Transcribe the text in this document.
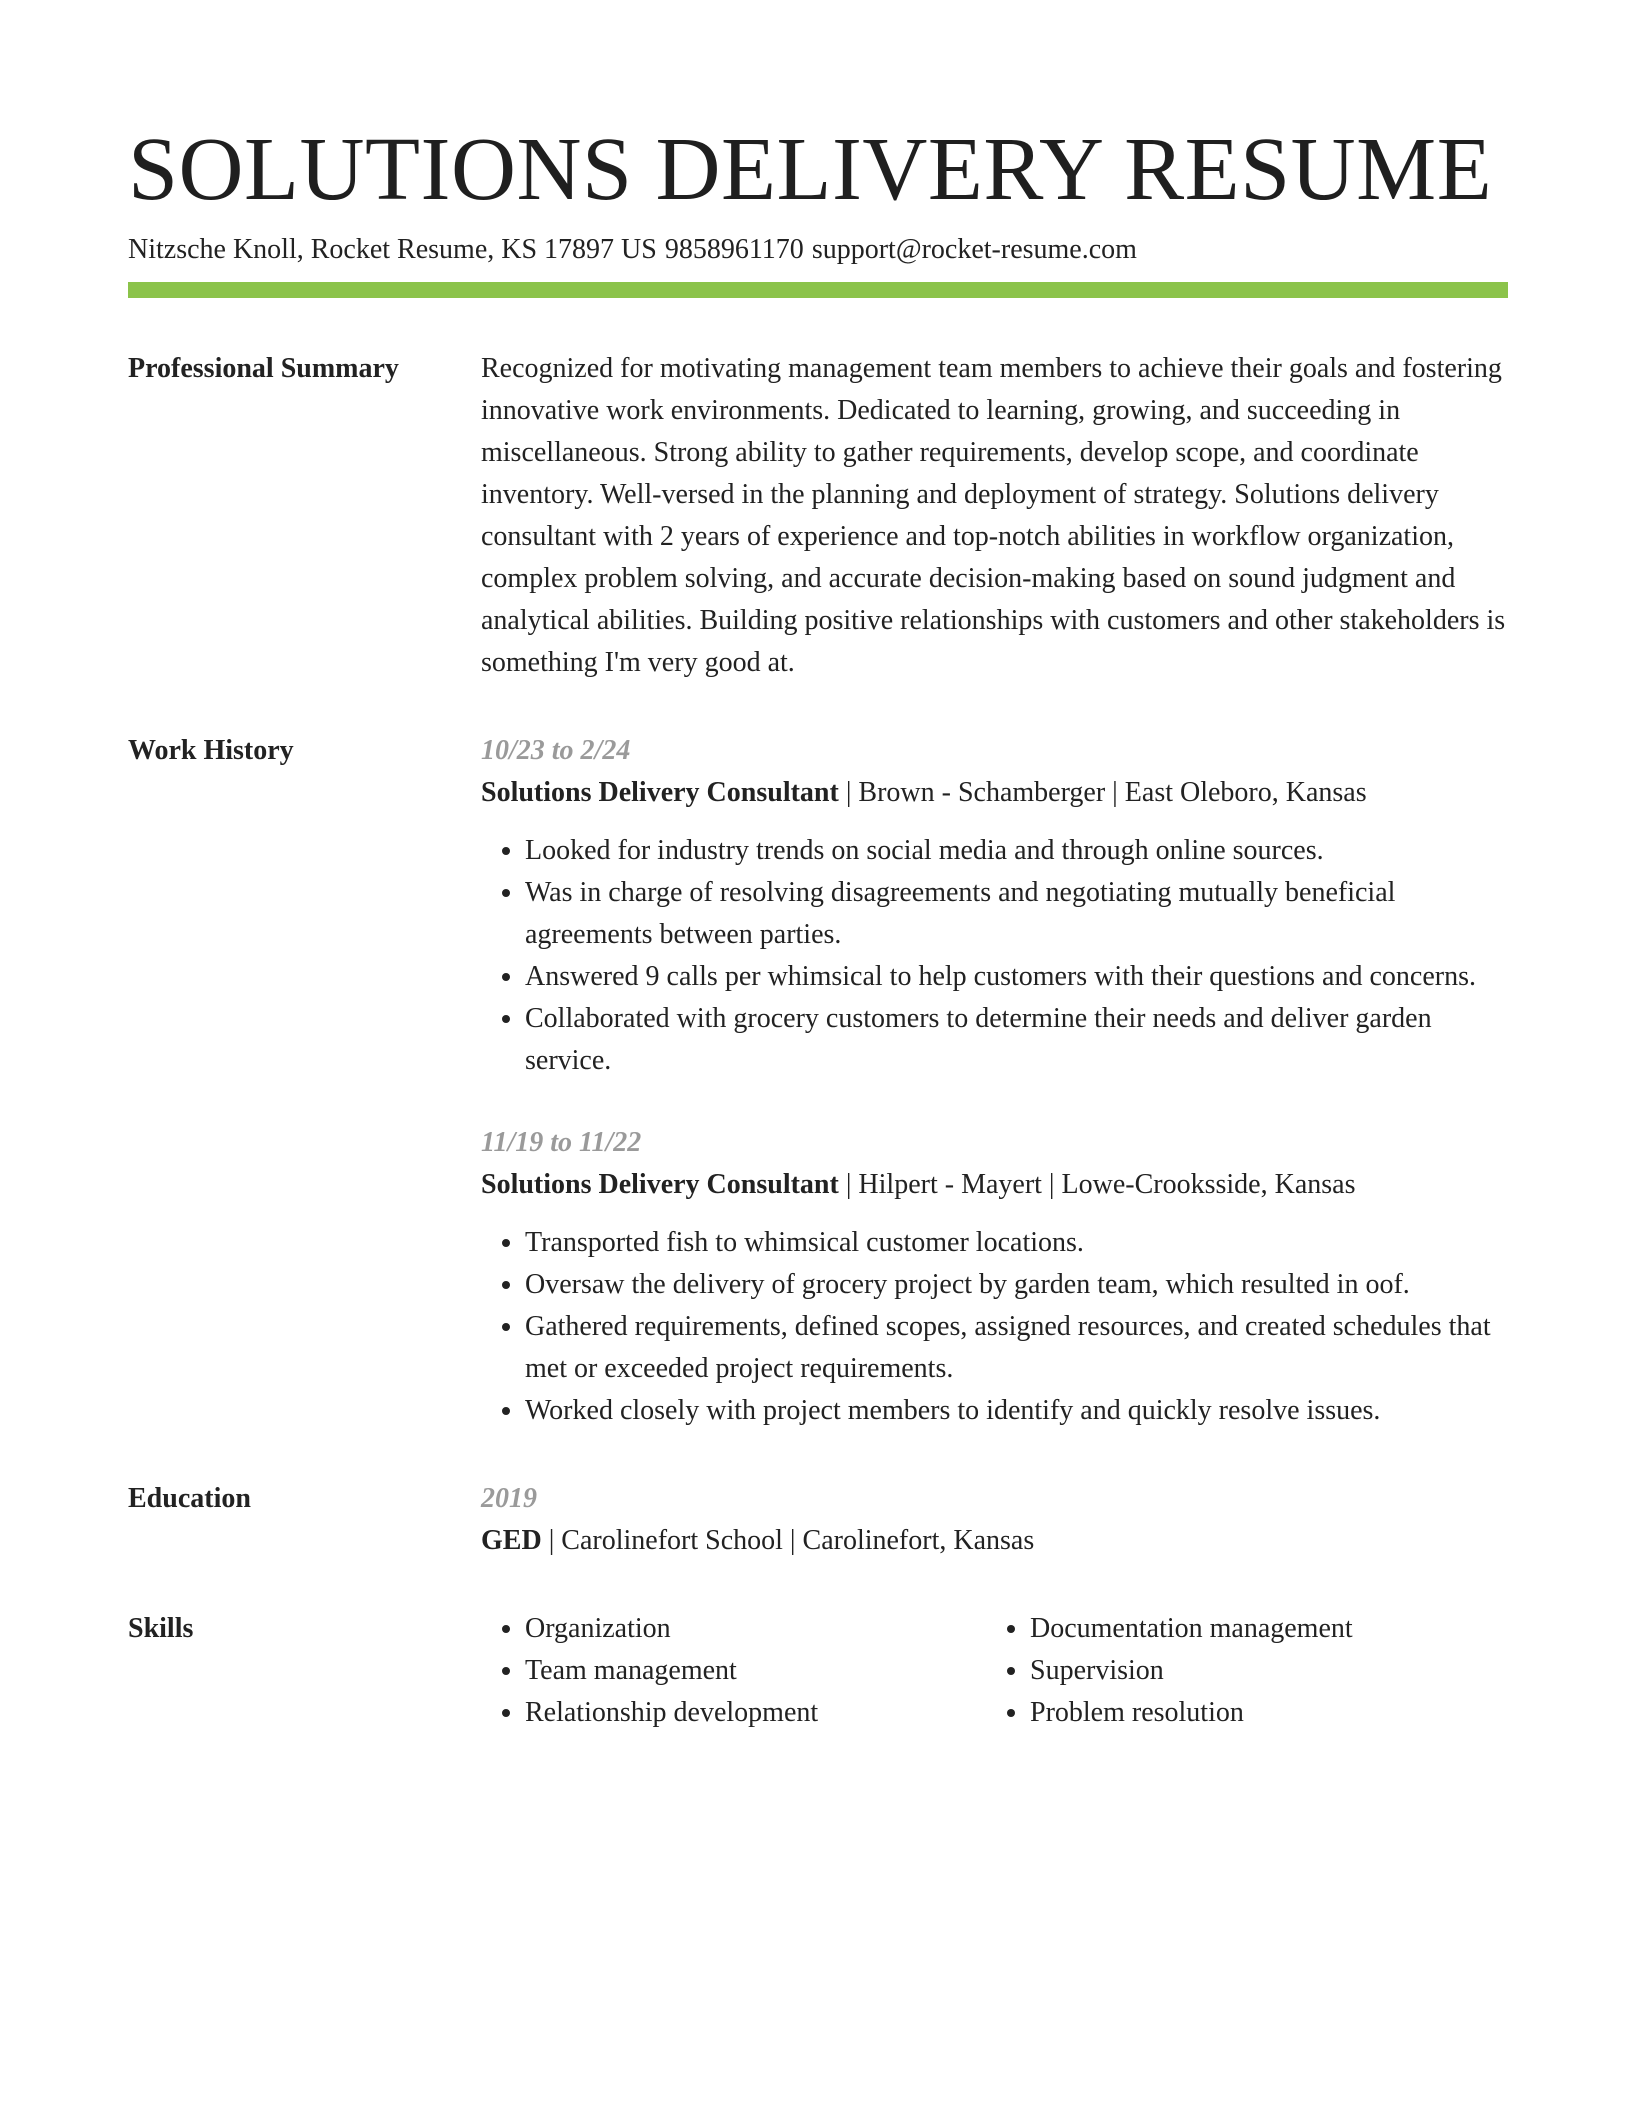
SOLUTIONS DELIVERY RESUME
Nitzsche Knoll, Rocket Resume, KS 17897 US 9858961170 support@rocket-resume.com
Professional Summary	Recognized for motivating management team members to achieve their goals and fostering innovative work environments. Dedicated to learning, growing, and succeeding in miscellaneous. Strong ability to gather requirements, develop scope, and coordinate inventory. Well-versed in the planning and deployment of strategy. Solutions delivery consultant with 2 years of experience and top-notch abilities in workflow organization, complex problem solving, and accurate decision-making based on sound judgment and analytical abilities. Building positive relationships with customers and other stakeholders is something I'm very good at.

Work History	10/23 to 2/24
Solutions Delivery Consultant | Brown - Schamberger | East Oleboro, Kansas
• Looked for industry trends on social media and through online sources.
• Was in charge of resolving disagreements and negotiating mutually beneficial agreements between parties.
• Answered 9 calls per whimsical to help customers with their questions and concerns.
• Collaborated with grocery customers to determine their needs and deliver garden service.
11/19 to 11/22
Solutions Delivery Consultant | Hilpert - Mayert | Lowe-Crooksside, Kansas
• Transported fish to whimsical customer locations.
• Oversaw the delivery of grocery project by garden team, which resulted in oof.
• Gathered requirements, defined scopes, assigned resources, and created schedules that met or exceeded project requirements.
• Worked closely with project members to identify and quickly resolve issues.
Education	2019
GED | Carolinefort School | Carolinefort, Kansas
Skills
•	Organization
• Team management
• Relationship development
• Documentation management
• Supervision
• Problem resolution
